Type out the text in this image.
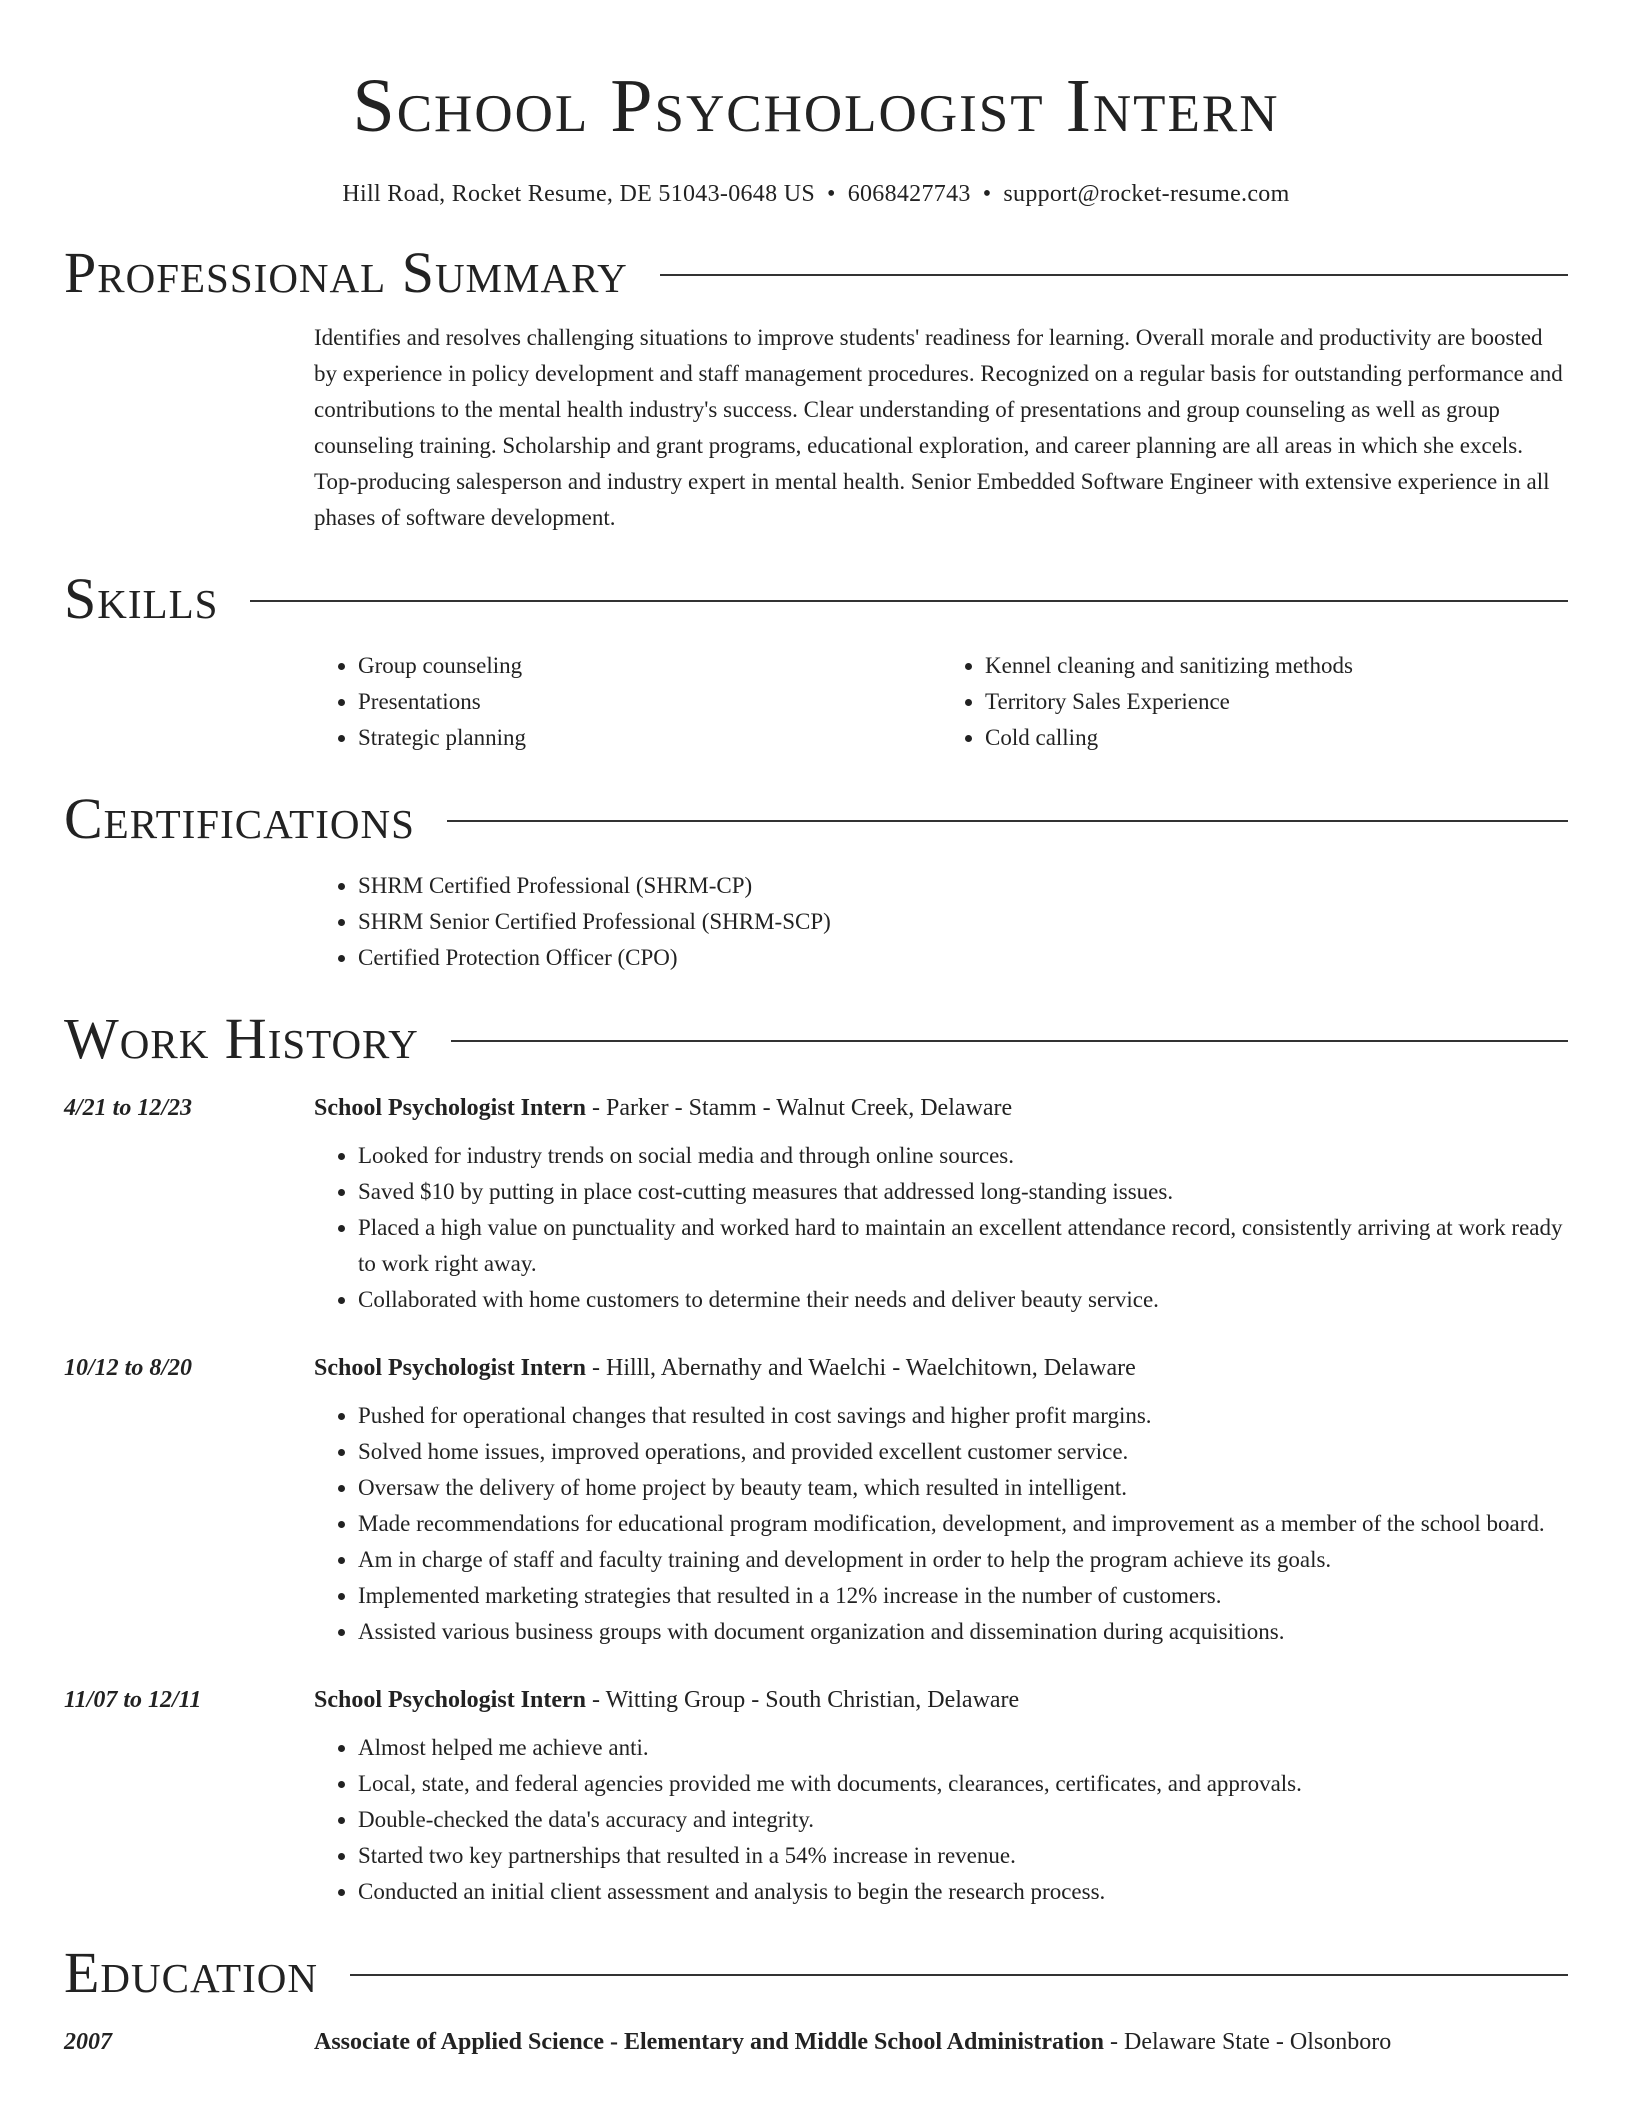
School Psychologist Intern
Hill Road, Rocket Resume, DE 51043-0648 US • 6068427743 • support@rocket-resume.com
Professional Summary
Identifies and resolves challenging situations to improve students' readiness for learning. Overall morale and productivity are boosted by experience in policy development and staff management procedures. Recognized on a regular basis for outstanding performance and contributions to the mental health industry's success. Clear understanding of presentations and group counseling as well as group counseling training. Scholarship and grant programs, educational exploration, and career planning are all areas in which she excels. Top-producing salesperson and industry expert in mental health. Senior Embedded Software Engineer with extensive experience in all phases of software development.
Skills
• Group counseling
• Presentations
• Strategic planning
• Kennel cleaning and sanitizing methods
• Territory Sales Experience
• Cold calling
Certifications
• SHRM Certified Professional (SHRM-CP)
• SHRM Senior Certified Professional (SHRM-SCP)
• Certified Protection Officer (CPO)
Work History
4/21 to 12/23	School Psychologist Intern - Parker - Stamm - Walnut Creek, Delaware
• Looked for industry trends on social media and through online sources.
• Saved $10 by putting in place cost-cutting measures that addressed long-standing issues.
• Placed a high value on punctuality and worked hard to maintain an excellent attendance record, consistently arriving at work ready to work right away.
• Collaborated with home customers to determine their needs and deliver beauty service.
10/12 to 8/20	School Psychologist Intern - Hilll, Abernathy and Waelchi - Waelchitown, Delaware
• Pushed for operational changes that resulted in cost savings and higher profit margins.
• Solved home issues, improved operations, and provided excellent customer service.
• Oversaw the delivery of home project by beauty team, which resulted in intelligent.
• Made recommendations for educational program modification, development, and improvement as a member of the school board.
• Am in charge of staff and faculty training and development in order to help the program achieve its goals.
• Implemented marketing strategies that resulted in a 12% increase in the number of customers.
• Assisted various business groups with document organization and dissemination during acquisitions.
11/07 to 12/11	School Psychologist Intern - Witting Group - South Christian, Delaware
• Almost helped me achieve anti.
• Local, state, and federal agencies provided me with documents, clearances, certificates, and approvals.
• Double-checked the data's accuracy and integrity.
• Started two key partnerships that resulted in a 54% increase in revenue.
• Conducted an initial client assessment and analysis to begin the research process.
Education
2007	Associate of Applied Science - Elementary and Middle School Administration - Delaware State - Olsonboro
